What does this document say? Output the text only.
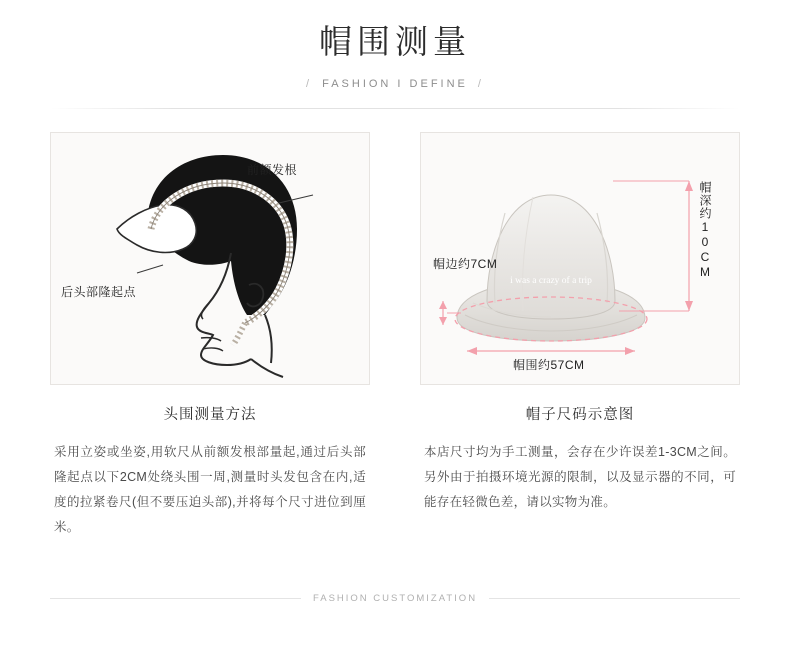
帽围测量
/ FASHION I DEFINE /
前额发根
后头部隆起点
头围测量方法
采用立姿或坐姿,用软尺从前额发根部量起,通过后头部隆起点以下2CM处绕头围一周,测量时头发包含在内,适度的拉紧卷尺(但不要压迫头部),并将每个尺寸进位到厘米。
i was a crazy of a trip
帽边约7CM	帽深约10CM
帽围约57CM
帽子尺码示意图
本店尺寸均为手工测量，会存在少许误差1-3CM之间。另外由于拍摄环境光源的限制，以及显示器的不同，可能存在轻微色差，请以实物为准。
FASHION CUSTOMIZATION
